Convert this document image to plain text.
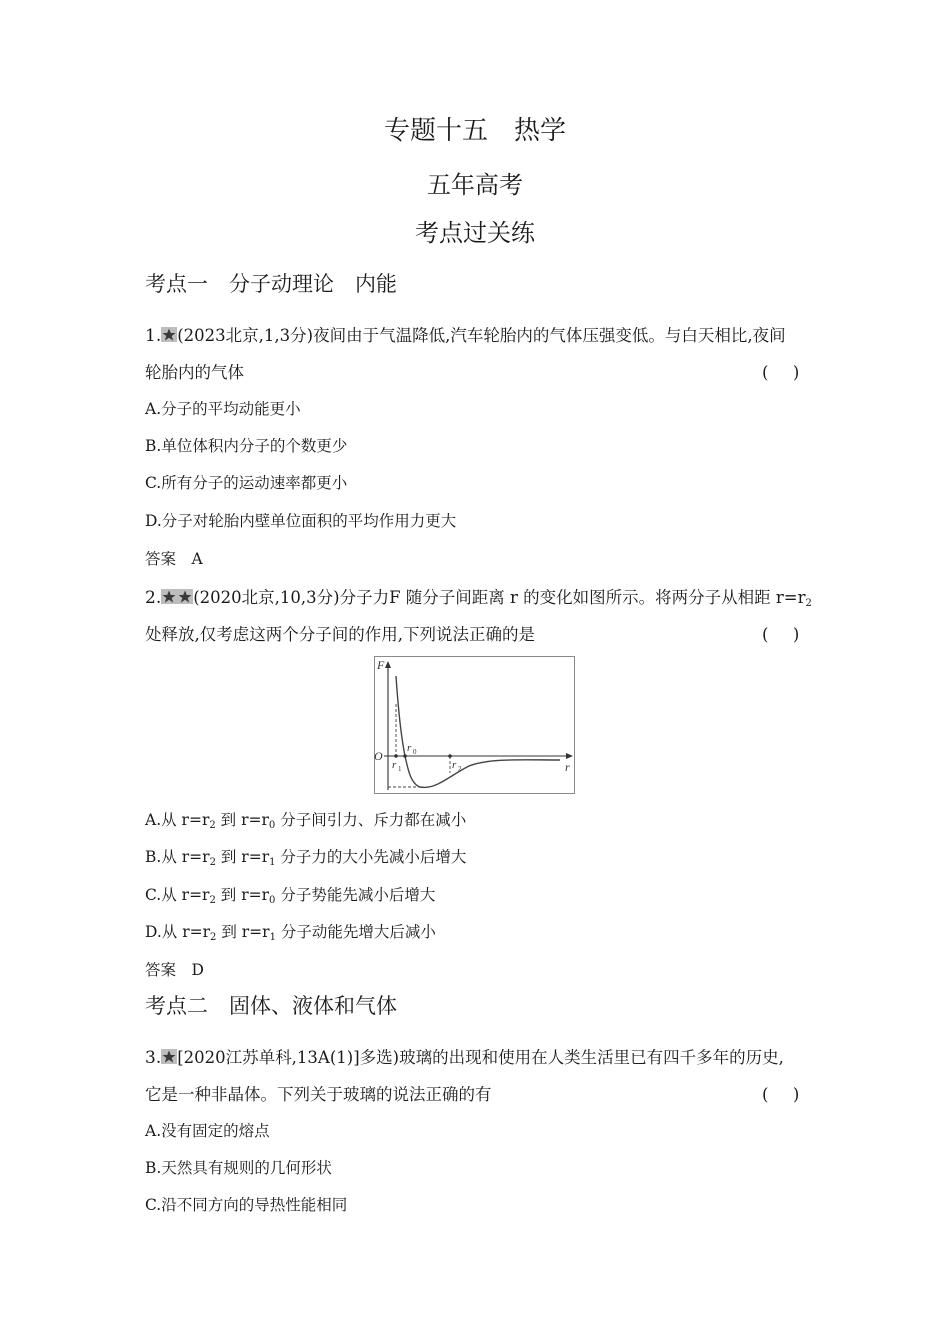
专题十五　热学
五年高考
考点过关练
考点一　分子动理论　内能
1. (2023北京,1,3分)夜间由于气温降低,汽车轮胎内的气体压强变低。与白天相比,夜间
轮胎内的气体	(　)
A.分子的平均动能更小
B.单位体积内分子的个数更少
C.所有分子的运动速率都更小
D.分子对轮胎内壁单位面积的平均作用力更大
答案　A
2. (2020北京,10,3分)分子力F 随分子间距离 r 的变化如图所示。将两分子从相距 $r=r_2$
处释放,仅考虑这两个分子间的作用,下列说法正确的是	(　)
F
r
O
r 0
r 1	r 2
A.从 $r=r_2$ 到 $r=r_0$ 分子间引力、斥力都在减小
B.从 $r=r_2$ 到 $r=r_1$ 分子力的大小先减小后增大
C.从 $r=r_2$ 到 $r=r_0$ 分子势能先减小后增大
D.从 $r=r_2$ 到 $r=r_1$ 分子动能先增大后减小
答案　D
考点二　固体、液体和气体
3. [2020江苏单科,13A(1)]多选)玻璃的出现和使用在人类生活里已有四千多年的历史,
它是一种非晶体。下列关于玻璃的说法正确的有	(　)
A.没有固定的熔点
B.天然具有规则的几何形状
C.沿不同方向的导热性能相同
